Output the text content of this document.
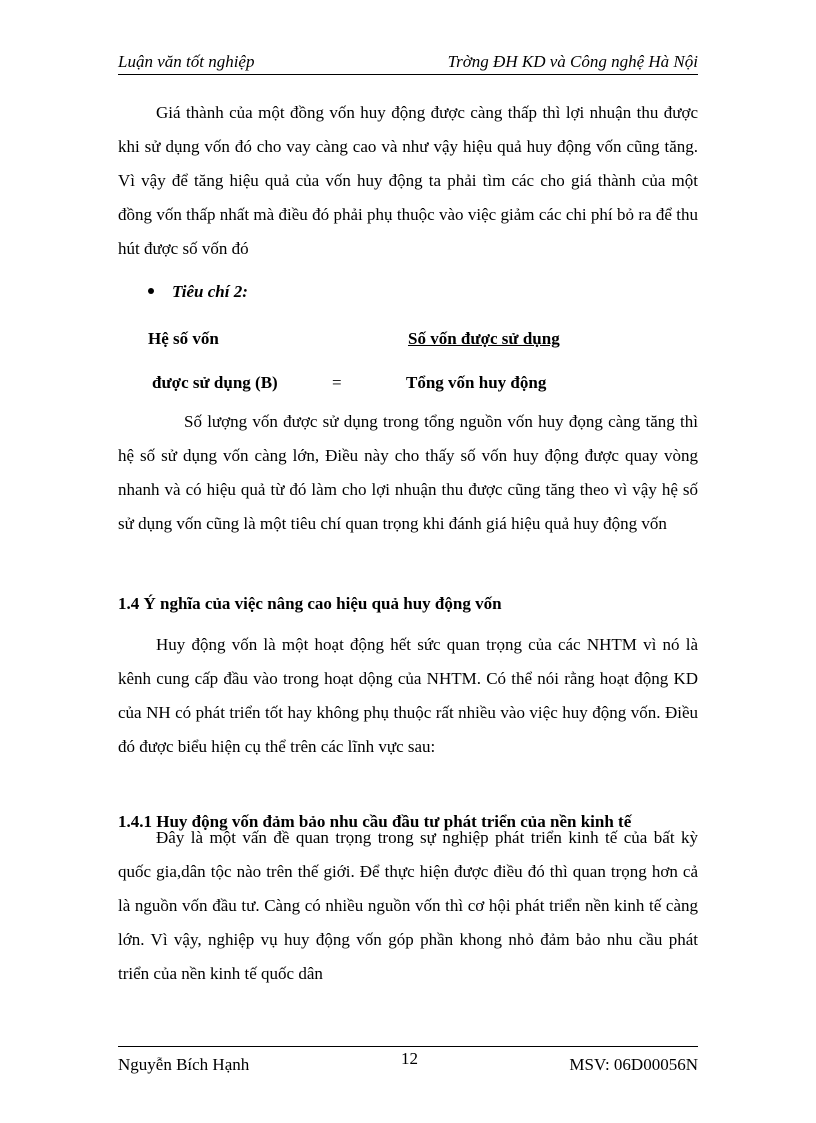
Luận văn tốt nghiệp	Trờng ĐH KD và Công nghệ Hà Nội

Giá thành của một đồng vốn huy động được càng thấp thì lợi nhuận thu được khi sử dụng vốn đó cho vay càng cao và như vậy hiệu quả huy động vốn cũng tăng. Vì vậy để tăng hiệu quả của vốn huy động ta phải tìm các cho giá thành của một đồng vốn thấp nhất mà điều đó phải phụ thuộc vào việc giảm các chi phí bỏ ra để thu hút được số vốn đó

Tiêu chí 2:
Hệ số vốn	Số vốn được sử dụng
được sử dụng (B)	=	Tổng vốn huy động

Số lượng vốn được sử dụng trong tổng nguồn vốn huy đọng càng tăng thì hệ số sử dụng vốn càng lớn, Điều này cho thấy số vốn huy động được quay vòng nhanh và có hiệu quả từ đó làm cho lợi nhuận thu được cũng tăng theo vì vậy hệ số sử dụng vốn cũng là một tiêu chí quan trọng khi đánh giá hiệu quả huy động vốn

1.4 Ý nghĩa của việc nâng cao hiệu quả huy động vốn

Huy động vốn là một hoạt động hết sức quan trọng của các NHTM vì nó là kênh cung cấp đầu vào trong hoạt dộng của NHTM. Có thể nói rằng hoạt động KD của NH có phát triển tốt hay không phụ thuộc rất nhiều vào việc huy động vốn. Điều đó được biểu hiện cụ thể trên các lĩnh vực sau:

1.4.1 Huy động vốn đảm bảo nhu cầu đầu tư phát triển của nền kinh tế

Đây là một vấn đề quan trọng trong sự nghiệp phát triển kinh tế của bất kỳ quốc gia,dân tộc nào trên thế giới. Để thực hiện được điều đó thì quan trọng hơn cả là nguồn vốn đầu tư. Càng có nhiều nguồn vốn thì cơ hội phát triển nền kinh tế càng lớn. Vì vậy, nghiệp vụ huy động vốn góp phần khong nhỏ đảm bảo nhu cầu phát triển của nền kinh tế quốc dân

Nguyễn Bích Hạnh	12	MSV: 06D00056N
